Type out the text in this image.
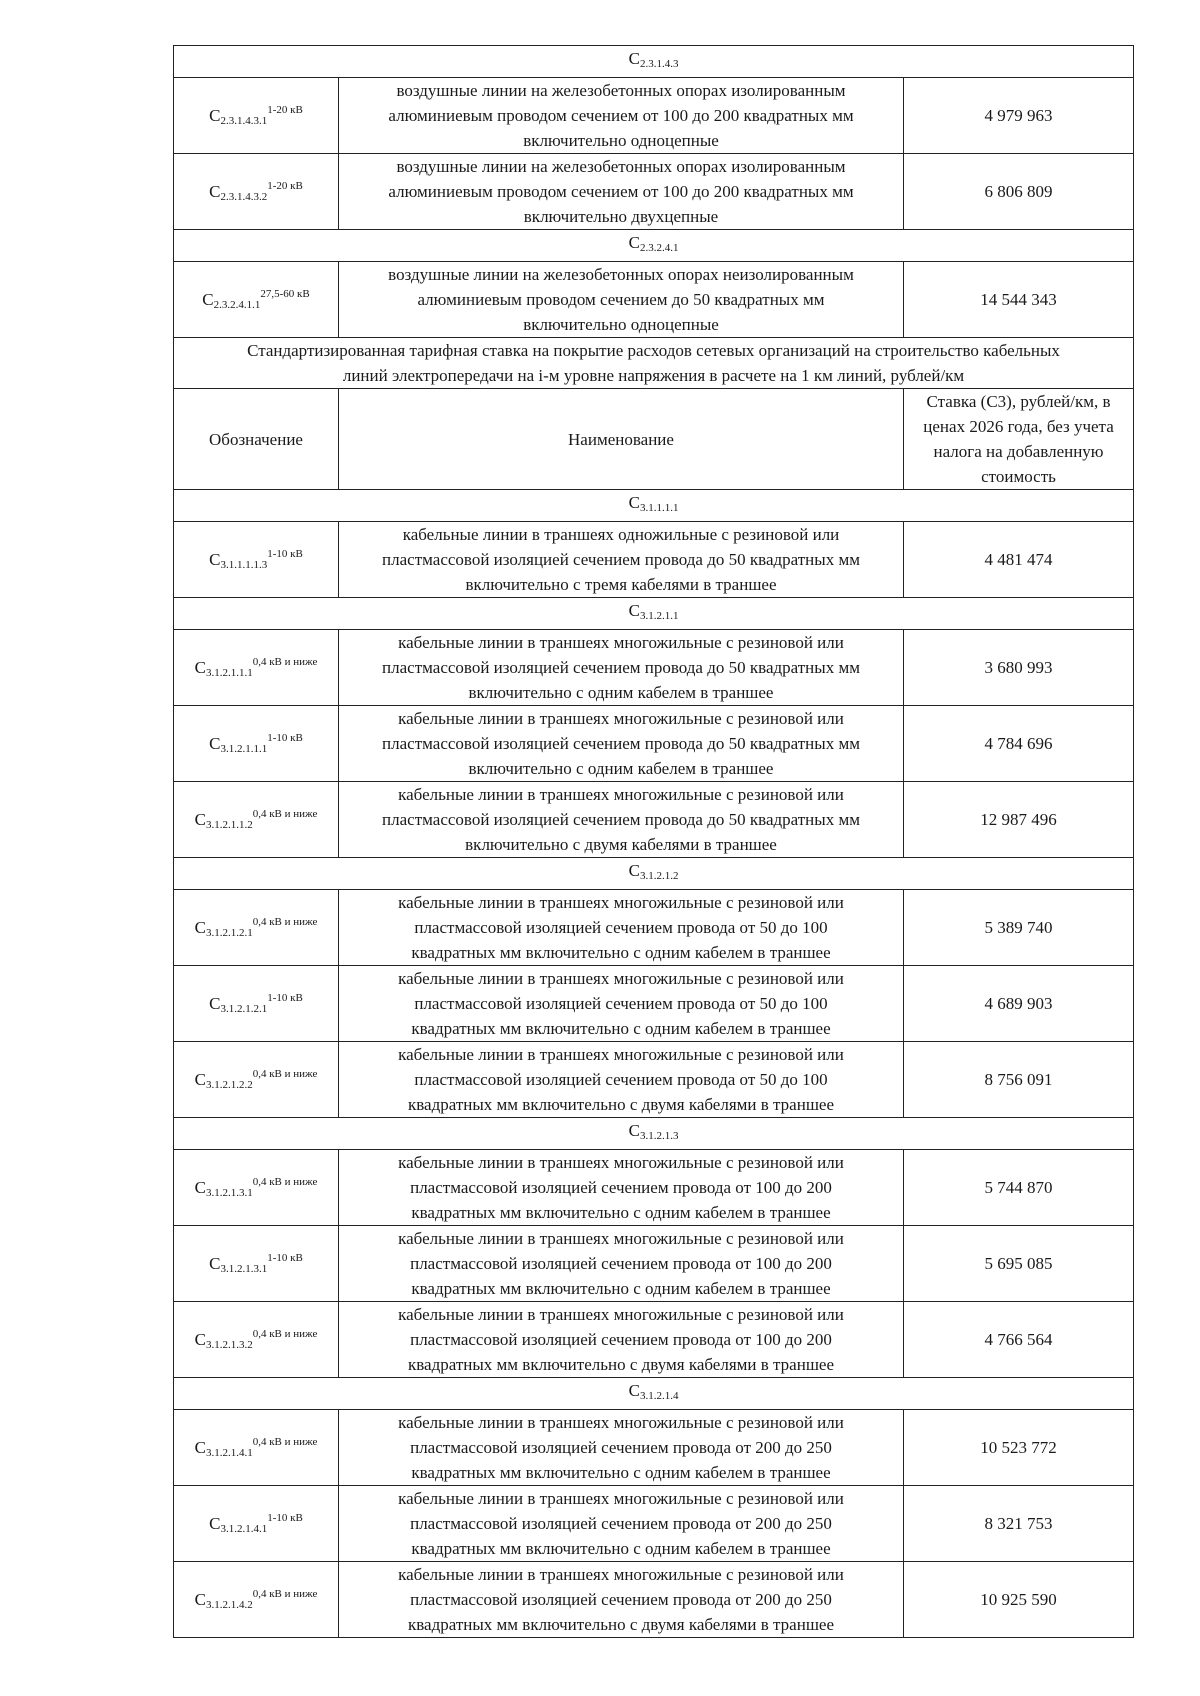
$С_{2.3.1.4.3}$
$С_{2.3.1.4.3.1}^{1-20 кВ}$	воздушные линии на железобетонных опорах изолированным
алюминиевым проводом сечением от 100 до 200 квадратных мм
включительно одноцепные	4 979 963
$С_{2.3.1.4.3.2}^{1-20 кВ}$	воздушные линии на железобетонных опорах изолированным
алюминиевым проводом сечением от 100 до 200 квадратных мм
включительно двухцепные	6 806 809
$С_{2.3.2.4.1}$
$С_{2.3.2.4.1.1}^{27,5-60 кВ}$	воздушные линии на железобетонных опорах неизолированным
алюминиевым проводом сечением до 50 квадратных мм
включительно одноцепные	14 544 343

Стандартизированная тарифная ставка на покрытие расходов сетевых организаций на строительство кабельных
линий электропередачи на i-м уровне напряжения в расчете на 1 км линий, рублей/км		

Обозначение	Наименование	Ставка (С3), рублей/км, в
ценах 2026 года, без учета
налога на добавленную
стоимость

$С_{3.1.1.1.1}$
$С_{3.1.1.1.1.3}^{1-10 кВ}$	кабельные линии в траншеях одножильные с резиновой или
пластмассовой изоляцией сечением провода до 50 квадратных мм
включительно с тремя кабелями в траншее	4 481 474
$С_{3.1.2.1.1}$
$С_{3.1.2.1.1.1}^{0,4 кВ и ниже}$	кабельные линии в траншеях многожильные с резиновой или
пластмассовой изоляцией сечением провода до 50 квадратных мм
включительно с одним кабелем в траншее	3 680 993
$С_{3.1.2.1.1.1}^{1-10 кВ}$	кабельные линии в траншеях многожильные с резиновой или
пластмассовой изоляцией сечением провода до 50 квадратных мм
включительно с одним кабелем в траншее	4 784 696
$С_{3.1.2.1.1.2}^{0,4 кВ и ниже}$	кабельные линии в траншеях многожильные с резиновой или
пластмассовой изоляцией сечением провода до 50 квадратных мм
включительно с двумя кабелями в траншее	12 987 496
$С_{3.1.2.1.2}$
$С_{3.1.2.1.2.1}^{0,4 кВ и ниже}$	кабельные линии в траншеях многожильные с резиновой или
пластмассовой изоляцией сечением провода от 50 до 100
квадратных мм включительно с одним кабелем в траншее	5 389 740
$С_{3.1.2.1.2.1}^{1-10 кВ}$	кабельные линии в траншеях многожильные с резиновой или
пластмассовой изоляцией сечением провода от 50 до 100
квадратных мм включительно с одним кабелем в траншее	4 689 903
$С_{3.1.2.1.2.2}^{0,4 кВ и ниже}$	кабельные линии в траншеях многожильные с резиновой или
пластмассовой изоляцией сечением провода от 50 до 100
квадратных мм включительно с двумя кабелями в траншее	8 756 091
$С_{3.1.2.1.3}$
$С_{3.1.2.1.3.1}^{0,4 кВ и ниже}$	кабельные линии в траншеях многожильные с резиновой или
пластмассовой изоляцией сечением провода от 100 до 200
квадратных мм включительно с одним кабелем в траншее	5 744 870
$С_{3.1.2.1.3.1}^{1-10 кВ}$	кабельные линии в траншеях многожильные с резиновой или
пластмассовой изоляцией сечением провода от 100 до 200
квадратных мм включительно с одним кабелем в траншее	5 695 085
$С_{3.1.2.1.3.2}^{0,4 кВ и ниже}$	кабельные линии в траншеях многожильные с резиновой или
пластмассовой изоляцией сечением провода от 100 до 200
квадратных мм включительно с двумя кабелями в траншее	4 766 564
$С_{3.1.2.1.4}$
$С_{3.1.2.1.4.1}^{0,4 кВ и ниже}$	кабельные линии в траншеях многожильные с резиновой или
пластмассовой изоляцией сечением провода от 200 до 250
квадратных мм включительно с одним кабелем в траншее	10 523 772
$С_{3.1.2.1.4.1}^{1-10 кВ}$	кабельные линии в траншеях многожильные с резиновой или
пластмассовой изоляцией сечением провода от 200 до 250
квадратных мм включительно с одним кабелем в траншее	8 321 753
$С_{3.1.2.1.4.2}^{0,4 кВ и ниже}$	кабельные линии в траншеях многожильные с резиновой или
пластмассовой изоляцией сечением провода от 200 до 250
квадратных мм включительно с двумя кабелями в траншее	10 925 590
